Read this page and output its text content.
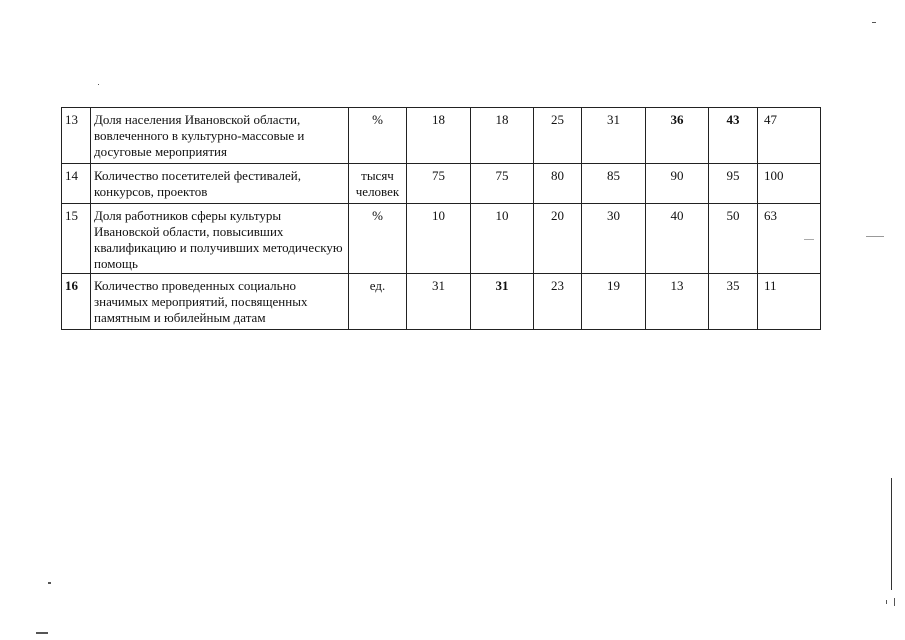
13	Доля населения Ивановской области, вовлеченного в культурно-массовые и досуговые мероприятия	%	18	18	25	31	36	43	47
14	Количество посетителей фестивалей, конкурсов, проектов	тысяч человек	75	75	80	85	90	95	100
15	Доля работников сферы культуры Ивановской области, повысивших квалификацию и получивших методическую помощь	%	10	10	20	30	40	50	63
16	Количество проведенных социально значимых мероприятий, посвященных памятным и юбилейным датам	ед.	31	31	23	19	13	35	11
